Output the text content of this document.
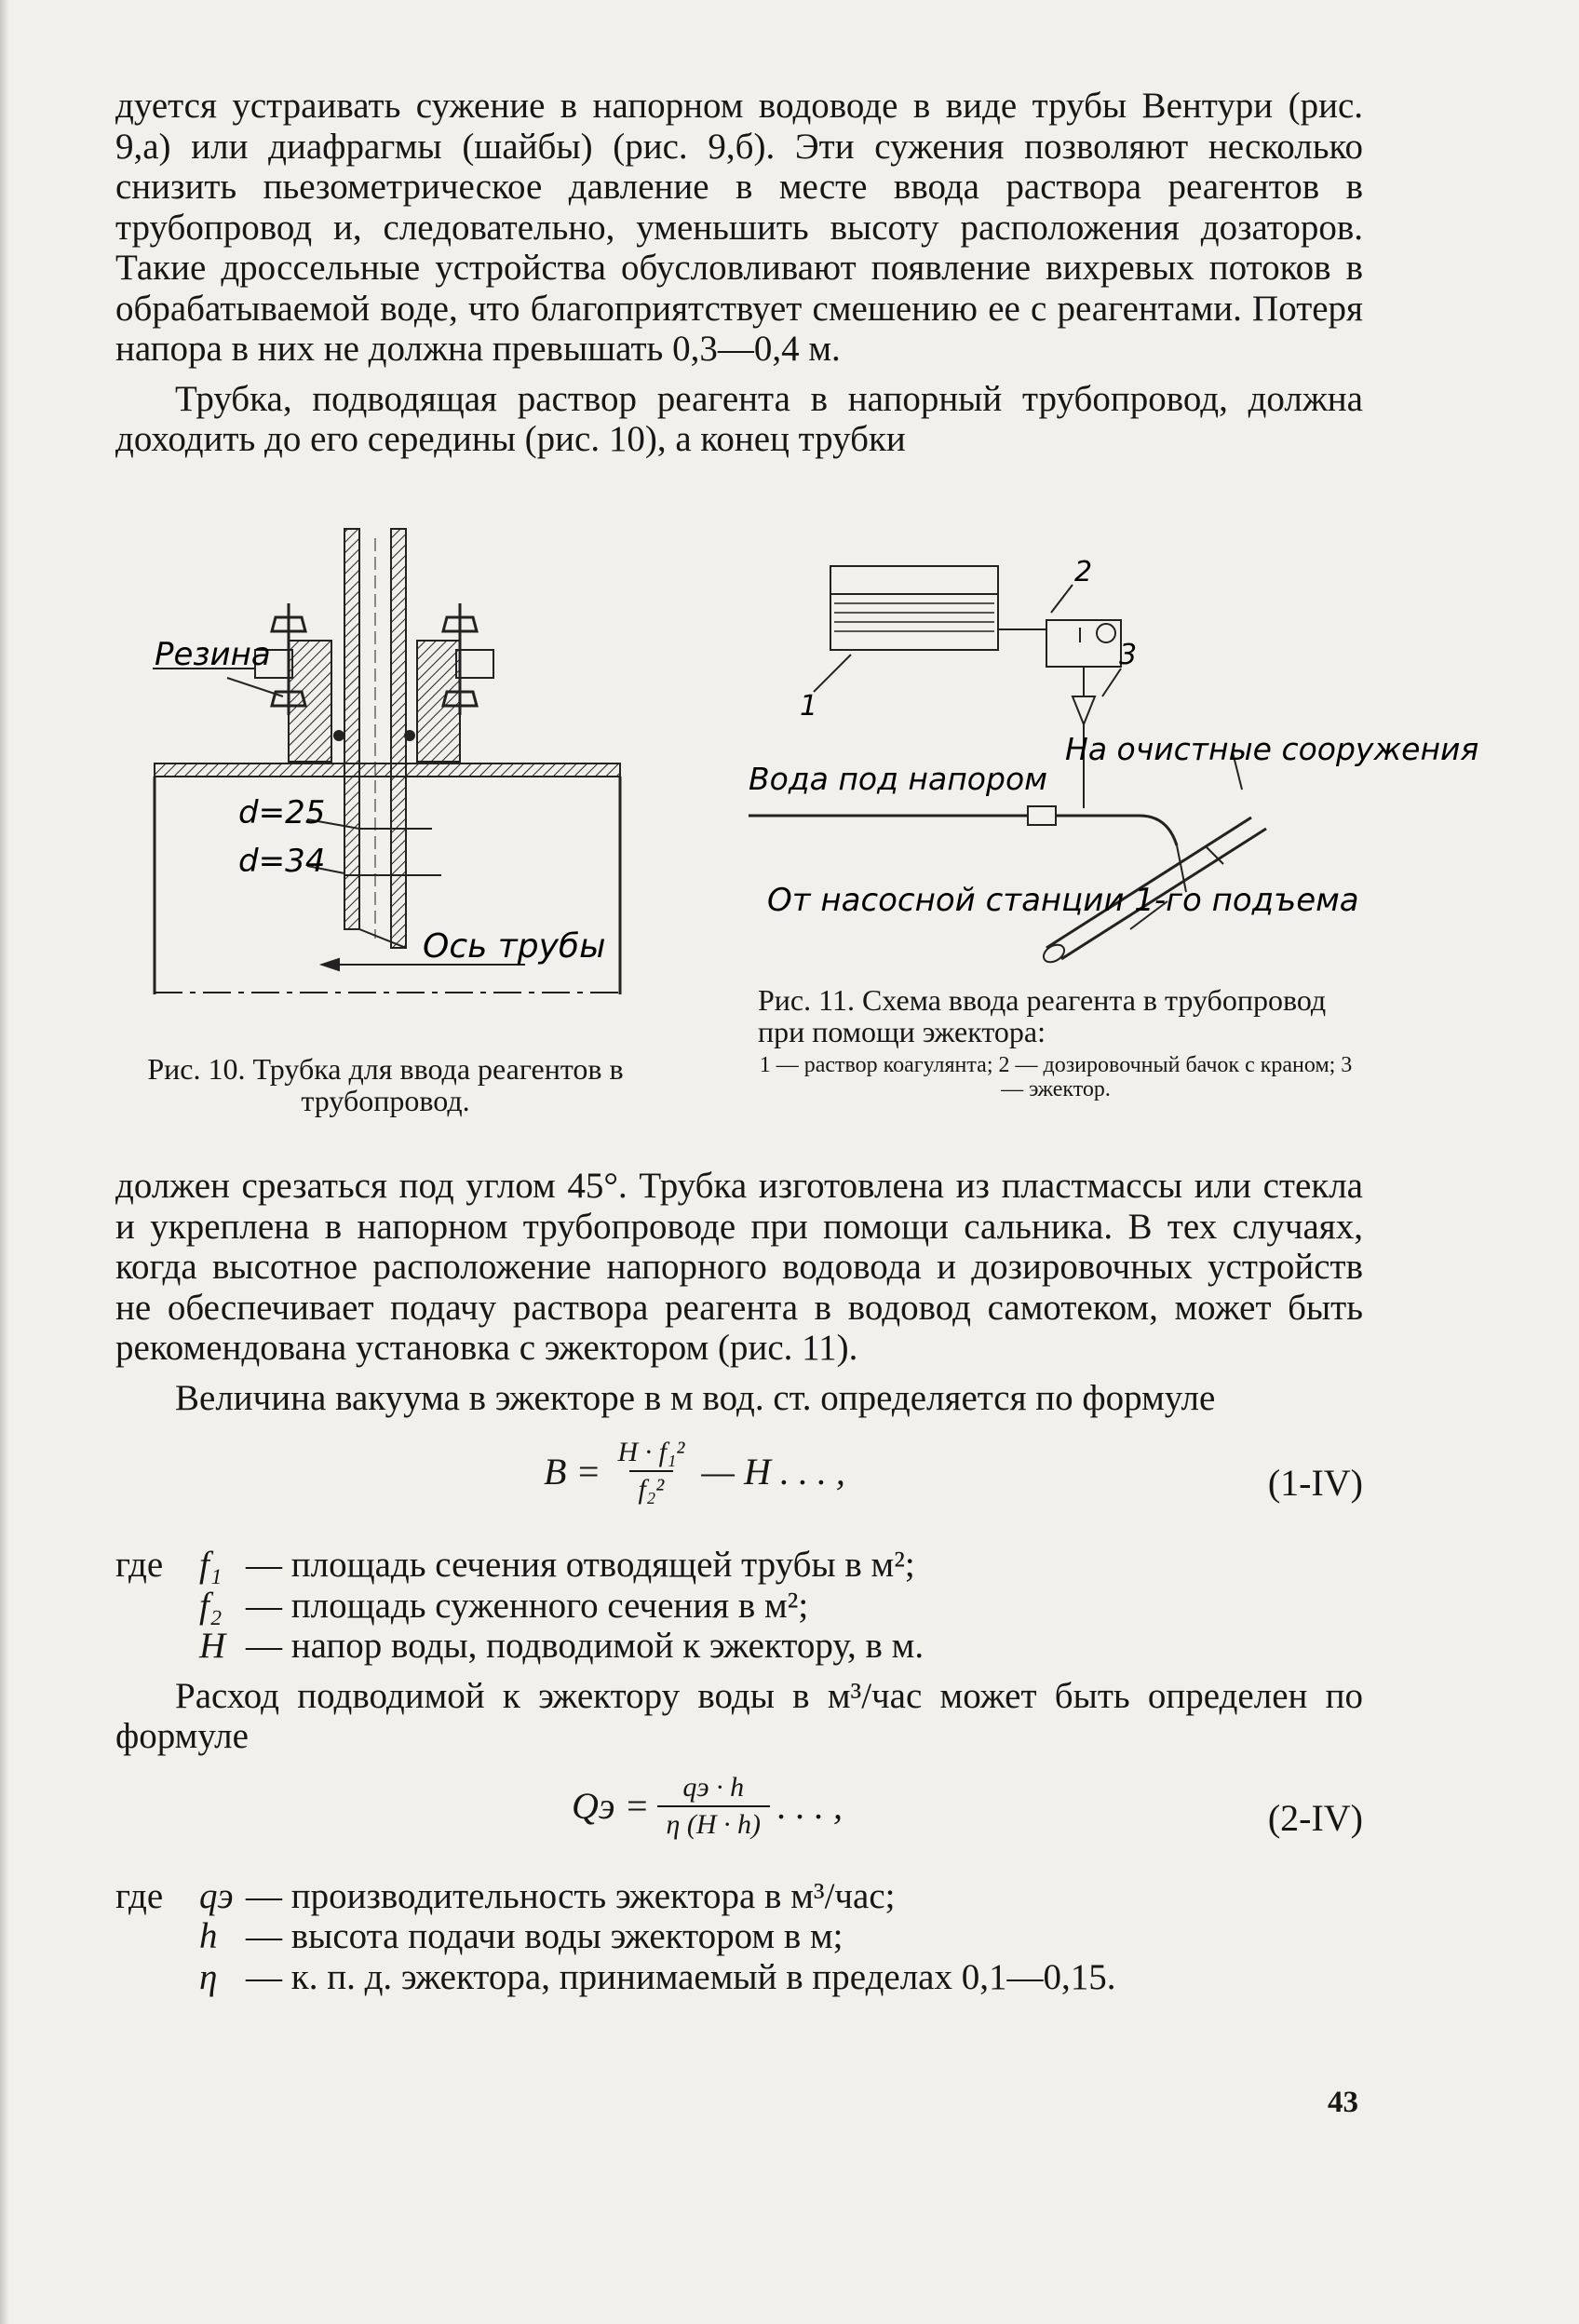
дуется устраивать сужение в напорном водоводе в виде трубы Вентури (рис. 9,а) или диафрагмы (шайбы) (рис. 9,б). Эти сужения позволяют несколько снизить пьезометрическое давление в месте ввода раствора реагентов в трубопровод и, следовательно, уменьшить высоту расположения дозаторов. Такие дроссельные устройства обусловливают появление вихревых потоков в обрабатываемой воде, что благоприятствует смешению ее с реагентами. Потеря напора в них не должна превышать 0,3—0,4 м.

Трубка, подводящая раствор реагента в напорный трубопровод, должна доходить до его середины (рис. 10), а конец трубки

Резина
d=25
d=34
Ось трубы
Рис. 10. Трубка для ввода реагентов в трубопровод.
1
2
3
Вода под напором
На очистные сооружения
От насосной станции 1-го подъема
Рис. 11. Схема ввода реагента в трубопровод при помощи эжектора:
1 — раствор коагулянта; 2 — дозировочный бачок с краном; 3 — эжектор.

должен срезаться под углом 45°. Трубка изготовлена из пластмассы или стекла и укреплена в напорном трубопроводе при помощи сальника. В тех случаях, когда высотное расположение напорного водовода и дозировочных устройств не обеспечивает подачу раствора реагента в водовод самотеком, может быть рекомендована установка с эжектором (рис. 11).

Величина вакуума в эжекторе в м вод. ст. определяется по формуле

$B = \frac{\text{H · f₁²}}{\text{f₂²}}$ — H . . . ,	(1-IV)
где f₁ — площадь сечения отводящей трубы в м²;
f₂ — площадь суженного сечения в м²;
H — напор воды, подводимой к эжектору, в м.

Расход подводимой к эжектору воды в м³/час может быть определен по формуле

Qэ = $\frac{qэ \cdot h}{\eta (H \cdot h)}$ . . . ,	(2-IV)
где qэ — производительность эжектора в м³/час;
h — высота подачи воды эжектором в м;
η — к. п. д. эжектора, принимаемый в пределах 0,1—0,15.
43
